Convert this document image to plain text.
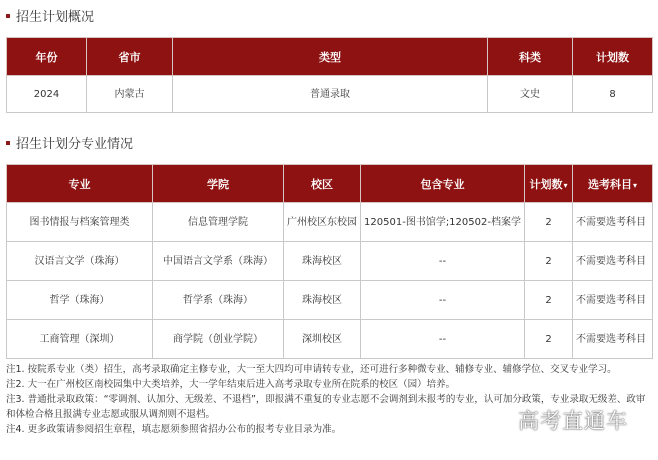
招生计划概况
年份	省市	类型	科类	计划数
2024	内蒙古	普通录取	文史	8
招生计划分专业情况
专业	学院	校区	包含专业	计划数▾	选考科目▾
图书情报与档案管理类	信息管理学院	广州校区东校园	120501-图书馆学;120502-档案学	2	不需要选考科目
汉语言文学（珠海）	中国语言文学系（珠海）	珠海校区	--	2	不需要选考科目
哲学（珠海）	哲学系（珠海）	珠海校区	--	2	不需要选考科目
工商管理（深圳）	商学院（创业学院）	深圳校区	--	2	不需要选考科目

注1. 按院系专业（类）招生，高考录取确定主修专业，大一至大四均可申请转专业，还可进行多种微专业、辅修专业、辅修学位、交叉专业学习。

注2. 大一在广州校区南校园集中大类培养，大一学年结束后进入高考录取专业所在院系的校区（园）培养。

注3. 普通批录取政策：“零调剂、认加分、无级差、不退档”，即报满不重复的专业志愿不会调剂到未报考的专业，认可加分政策，专业录取无级差、政审和体检合格且报满专业志愿或服从调剂则不退档。

注4. 更多政策请参阅招生章程，填志愿须参照省招办公布的报考专业目录为准。	高考直通车
